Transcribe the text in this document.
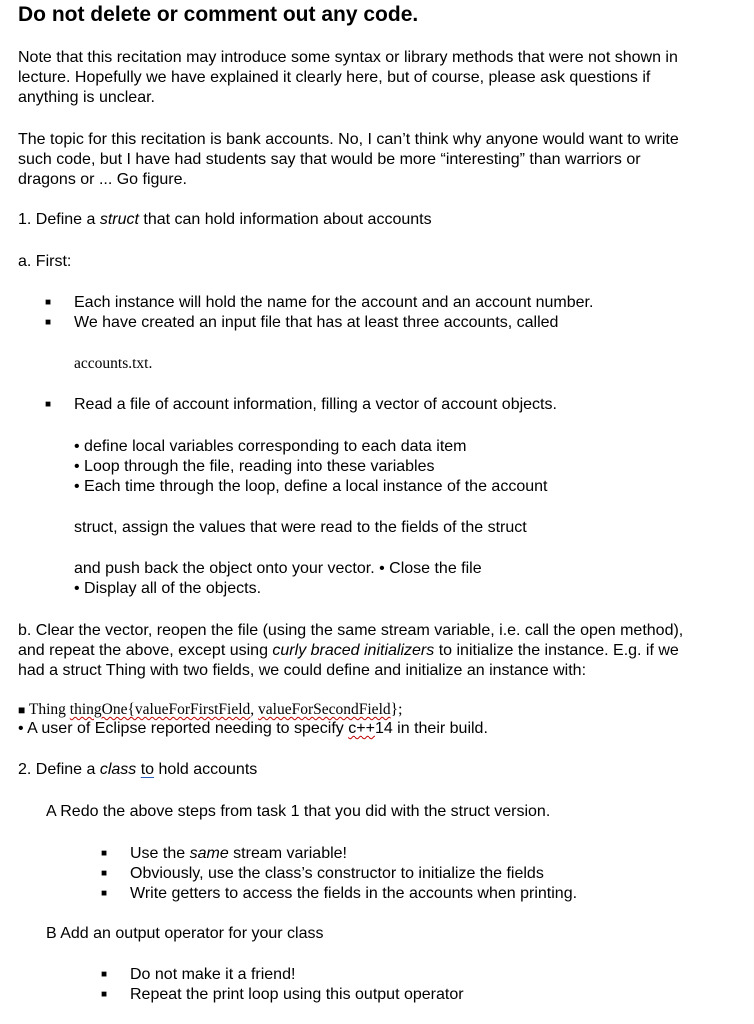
Do not delete or comment out any code.
Note that this recitation may introduce some syntax or library methods that were not shown in
lecture. Hopefully we have explained it clearly here, but of course, please ask questions if
anything is unclear.
The topic for this recitation is bank accounts. No, I can’t think why anyone would want to write
such code, but I have had students say that would be more “interesting” than warriors or
dragons or ... Go figure.
1. Define a struct that can hold information about accounts
a. First:
■ Each instance will hold the name for the account and an account number.
■ We have created an input file that has at least three accounts, called
accounts.txt.
■ Read a file of account information, filling a vector of account objects.
• define local variables corresponding to each data item
• Loop through the file, reading into these variables
• Each time through the loop, define a local instance of the account
struct, assign the values that were read to the fields of the struct
and push back the object onto your vector. • Close the file
• Display all of the objects.
b. Clear the vector, reopen the file (using the same stream variable, i.e. call the open method),
and repeat the above, except using curly braced initializers to initialize the instance. E.g. if we
had a struct Thing with two fields, we could define and initialize an instance with:
■ Thing thingOne{valueForFirstField, valueForSecondField};
• A user of Eclipse reported needing to specify c++14 in their build.
2. Define a class to hold accounts
A Redo the above steps from task 1 that you did with the struct version.
■ Use the same stream variable!
■ Obviously, use the class’s constructor to initialize the fields
■ Write getters to access the fields in the accounts when printing.
B Add an output operator for your class
■ Do not make it a friend!
■ Repeat the print loop using this output operator
